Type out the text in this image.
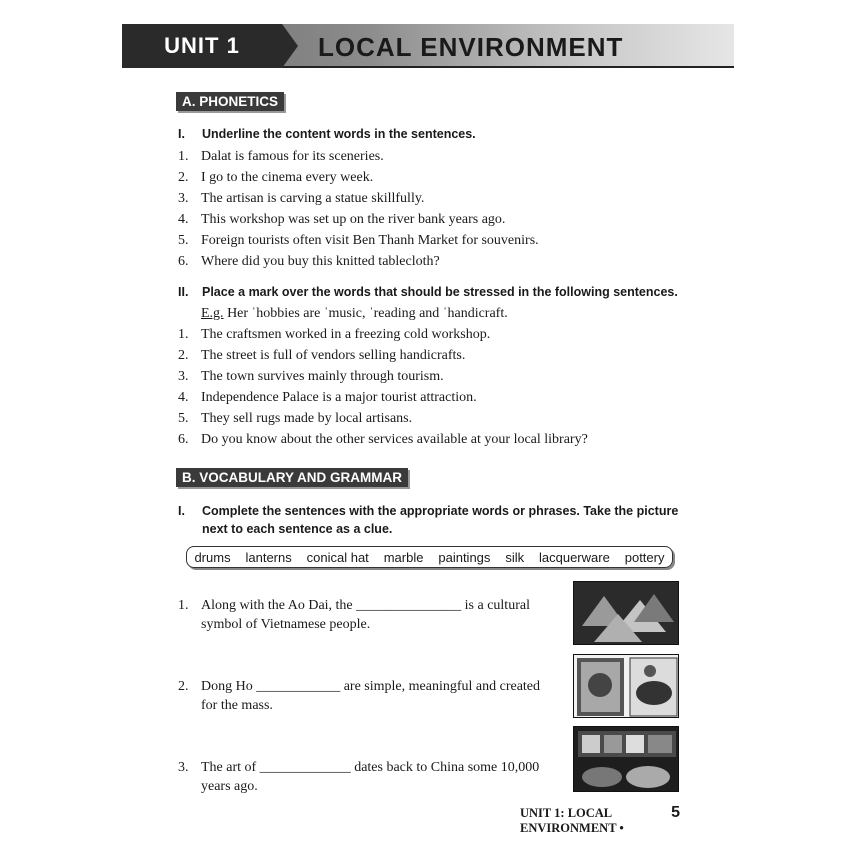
UNIT 1	LOCAL ENVIRONMENT
A. PHONETICS
I. Underline the content words in the sentences.
1. Dalat is famous for its sceneries.
2. I go to the cinema every week.
3. The artisan is carving a statue skillfully.
4. This workshop was set up on the river bank years ago.
5. Foreign tourists often visit Ben Thanh Market for souvenirs.
6. Where did you buy this knitted tablecloth?
II. Place a mark over the words that should be stressed in the following sentences.
E.g. Her ˈhobbies are ˈmusic, ˈreading and ˈhandicraft.
1. The craftsmen worked in a freezing cold workshop.
2. The street is full of vendors selling handicrafts.
3. The town survives mainly through tourism.
4. Independence Palace is a major tourist attraction.
5. They sell rugs made by local artisans.
6. Do you know about the other services available at your local library?
B. VOCABULARY AND GRAMMAR
I. Complete the sentences with the appropriate words or phrases. Take the picture next to each sentence as a clue.
drums lanterns conical hat marble paintings silk lacquerware pottery
1. Along with the Ao Dai, the _______________ is a cultural symbol of Vietnamese people.
2. Dong Ho ____________ are simple, meaningful and created for the mass.
3. The art of _____________ dates back to China some 10,000 years ago.
UNIT 1: LOCAL ENVIRONMENT •
5
